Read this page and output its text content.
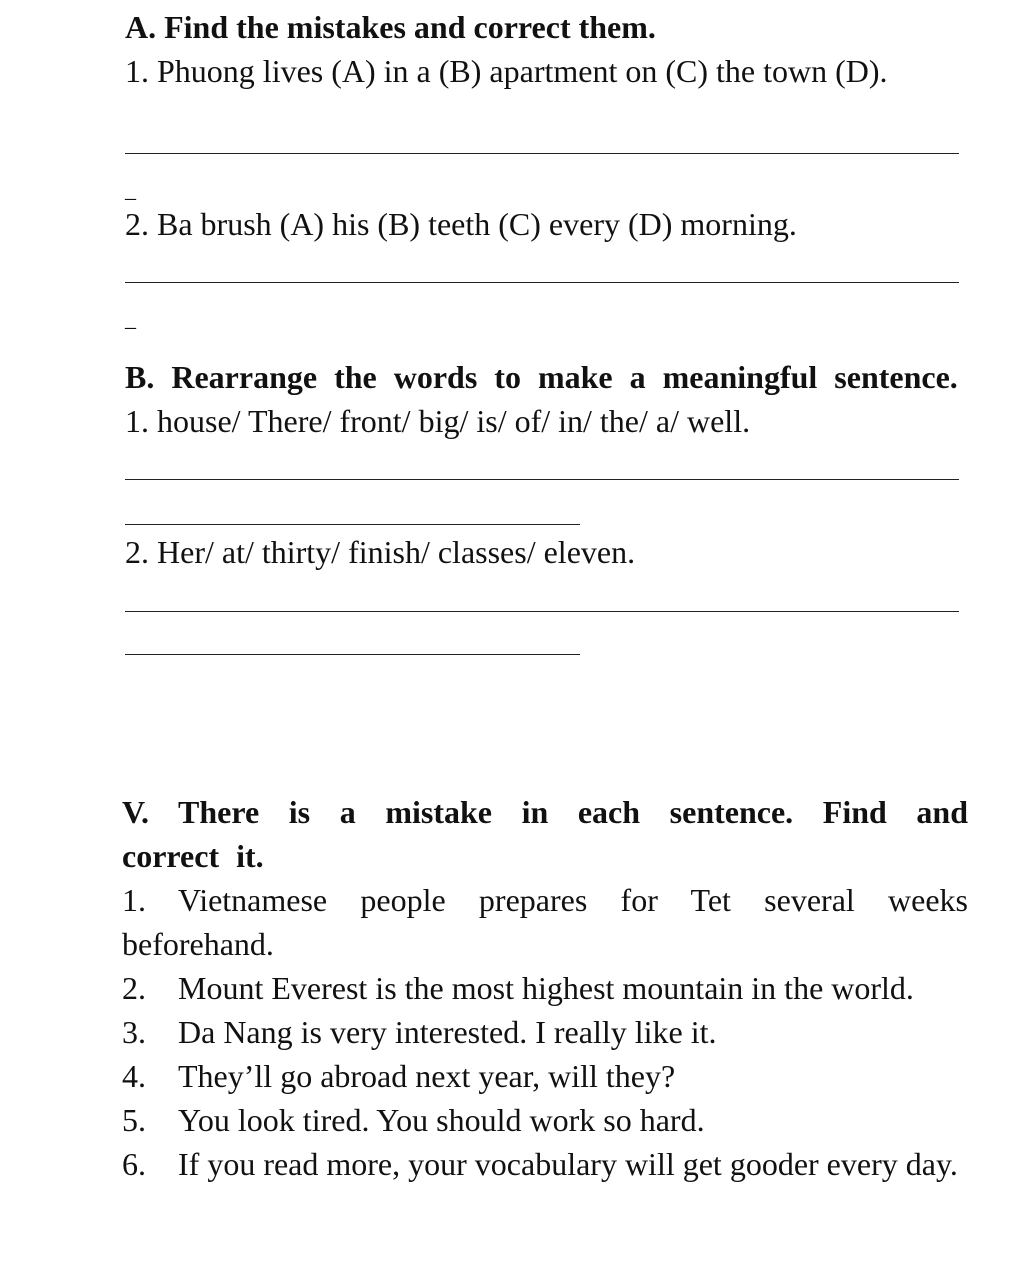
A. Find the mistakes and correct them.

1. Phuong lives (A) in a (B) apartment on (C) the town (D).

_

2. Ba brush (A) his (B) teeth (C) every (D) morning.

_

B. Rearrange the words to make a meaningful sentence.

1. house/ There/ front/ big/ is/ of/ in/ the/ a/ well.

2. Her/ at/ thirty/ finish/ classes/ eleven.

V. There is a mistake in each sentence. Find and correct it.

1. Vietnamese people prepares for Tet several weeks beforehand.

2. Mount Everest is the most highest mountain in the world.

3. Da Nang is very interested. I really like it.

4. They’ll go abroad next year, will they?

5. You look tired. You should work so hard.

6. If you read more, your vocabulary will get gooder every day.
